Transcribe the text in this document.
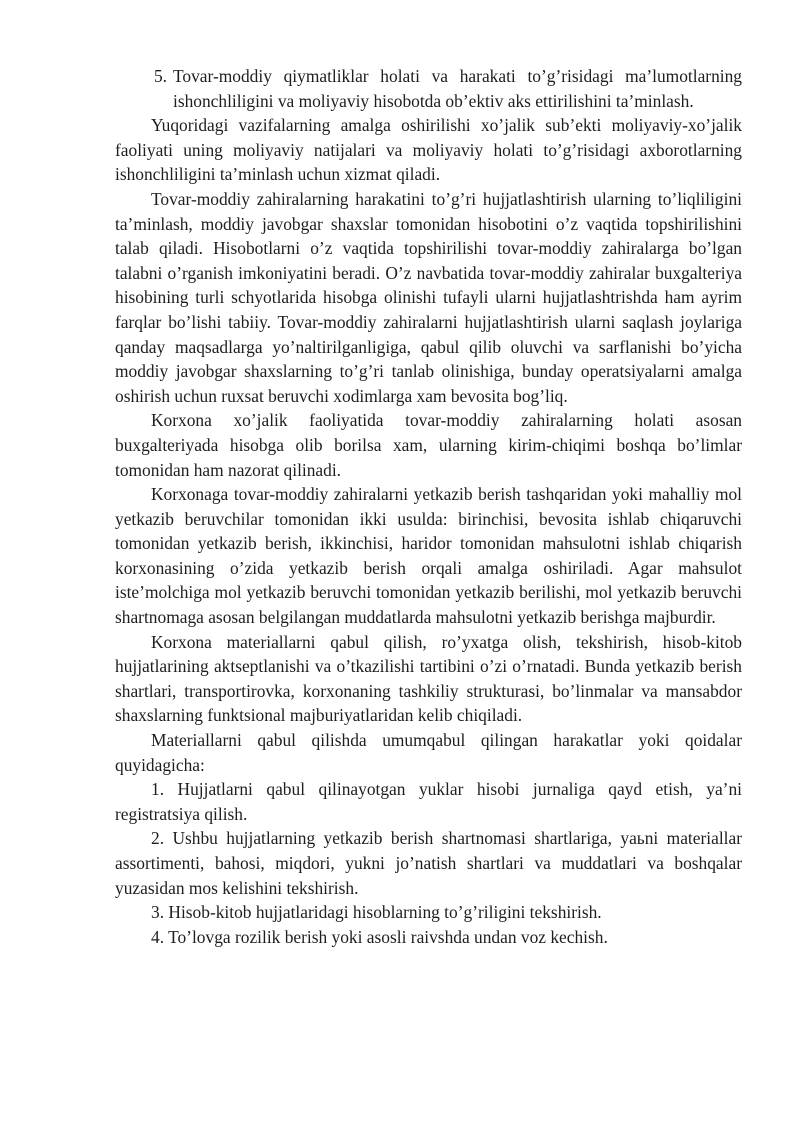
5. Tovar-moddiy qiymatliklar holati va harakati to’g’risidagi ma’lumotlarning ishonchliligini va moliyaviy hisobotda ob’ektiv aks ettirilishini ta’minlash.

Yuqoridagi vazifalarning amalga oshirilishi xo’jalik sub’ekti moliyaviy-xo’jalik faoliyati uning moliyaviy natijalari va moliyaviy holati to’g’risidagi axborotlarning ishonchliligini ta’minlash uchun xizmat qiladi.

Tovar-moddiy zahiralarning harakatini to’g’ri hujjatlashtirish ularning to’liqliligini ta’minlash, moddiy javobgar shaxslar tomonidan hisobotini o’z vaqtida topshirilishini talab qiladi. Hisobotlarni o’z vaqtida topshirilishi tovar-moddiy zahiralarga bo’lgan talabni o’rganish imkoniyatini beradi. O’z navbatida tovar-moddiy zahiralar buxgalteriya hisobining turli schyotlarida hisobga olinishi tufayli ularni hujjatlashtrishda ham ayrim farqlar bo’lishi tabiiy. Tovar-moddiy zahiralarni hujjatlashtirish ularni saqlash joylariga qanday maqsadlarga yo’naltirilganligiga, qabul qilib oluvchi va sarflanishi bo’yicha moddiy javobgar shaxslarning to’g’ri tanlab olinishiga, bunday operatsiyalarni amalga oshirish uchun ruxsat beruvchi xodimlarga xam bevosita bog’liq.

Korxona xo’jalik faoliyatida tovar-moddiy zahiralarning holati asosan buxgalteriyada hisobga olib borilsa xam, ularning kirim-chiqimi boshqa bo’limlar tomonidan ham nazorat qilinadi.

Korxonaga tovar-moddiy zahiralarni yetkazib berish tashqaridan yoki mahalliy mol yetkazib beruvchilar tomonidan ikki usulda: birinchisi, bevosita ishlab chiqaruvchi tomonidan yetkazib berish, ikkinchisi, haridor tomonidan mahsulotni ishlab chiqarish korxonasining o’zida yetkazib berish orqali amalga oshiriladi. Agar mahsulot iste’molchiga mol yetkazib beruvchi tomonidan yetkazib berilishi, mol yetkazib beruvchi shartnomaga asosan belgilangan muddatlarda mahsulotni yetkazib berishga majburdir.

Korxona materiallarni qabul qilish, ro’yxatga olish, tekshirish, hisob-kitob hujjatlarining aktseptlanishi va o’tkazilishi tartibini o’zi o’rnatadi. Bunda yetkazib berish shartlari, transportirovka, korxonaning tashkiliy strukturasi, bo’linmalar va mansabdor shaxslarning funktsional majburiyatlaridan kelib chiqiladi.

Materiallarni qabul qilishda umumqabul qilingan harakatlar yoki qoidalar quyidagicha:

1. Hujjatlarni qabul qilinayotgan yuklar hisobi jurnaliga qayd etish, ya’ni registratsiya qilish.

2. Ushbu hujjatlarning yetkazib berish shartnomasi shartlariga, yaьni materiallar assortimenti, bahosi, miqdori, yukni jo’natish shartlari va muddatlari va boshqalar yuzasidan mos kelishini tekshirish.

3. Hisob-kitob hujjatlaridagi hisoblarning to’g’riligini tekshirish.

4. To’lovga rozilik berish yoki asosli raivshda undan voz kechish.
